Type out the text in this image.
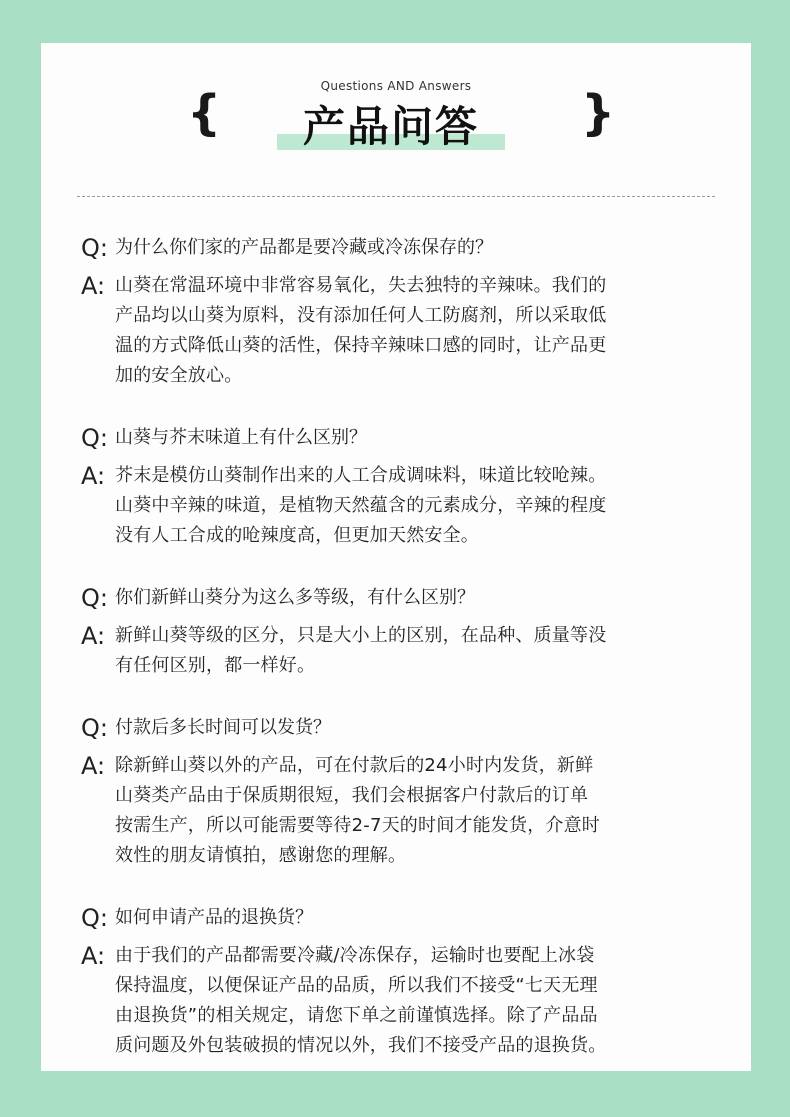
Questions AND Answers
{	}
产品问答
Q: 为什么你们家的产品都是要冷藏或冷冻保存的？
A: 山葵在常温环境中非常容易氧化，失去独特的辛辣味。我们的
产品均以山葵为原料，没有添加任何人工防腐剂，所以采取低
温的方式降低山葵的活性，保持辛辣味口感的同时，让产品更
加的安全放心。
Q: 山葵与芥末味道上有什么区别？
A: 芥末是模仿山葵制作出来的人工合成调味料，味道比较呛辣。
山葵中辛辣的味道，是植物天然蕴含的元素成分，辛辣的程度
没有人工合成的呛辣度高，但更加天然安全。
Q: 你们新鲜山葵分为这么多等级，有什么区别？
A: 新鲜山葵等级的区分，只是大小上的区别，在品种、质量等没
有任何区别，都一样好。
Q: 付款后多长时间可以发货？
A: 除新鲜山葵以外的产品，可在付款后的24小时内发货，新鲜
山葵类产品由于保质期很短，我们会根据客户付款后的订单
按需生产，所以可能需要等待2-7天的时间才能发货，介意时
效性的朋友请慎拍，感谢您的理解。
Q: 如何申请产品的退换货？
A: 由于我们的产品都需要冷藏/冷冻保存，运输时也要配上冰袋
保持温度，以便保证产品的品质，所以我们不接受“七天无理
由退换货”的相关规定，请您下单之前谨慎选择。除了产品品
质问题及外包装破损的情况以外，我们不接受产品的退换货。
